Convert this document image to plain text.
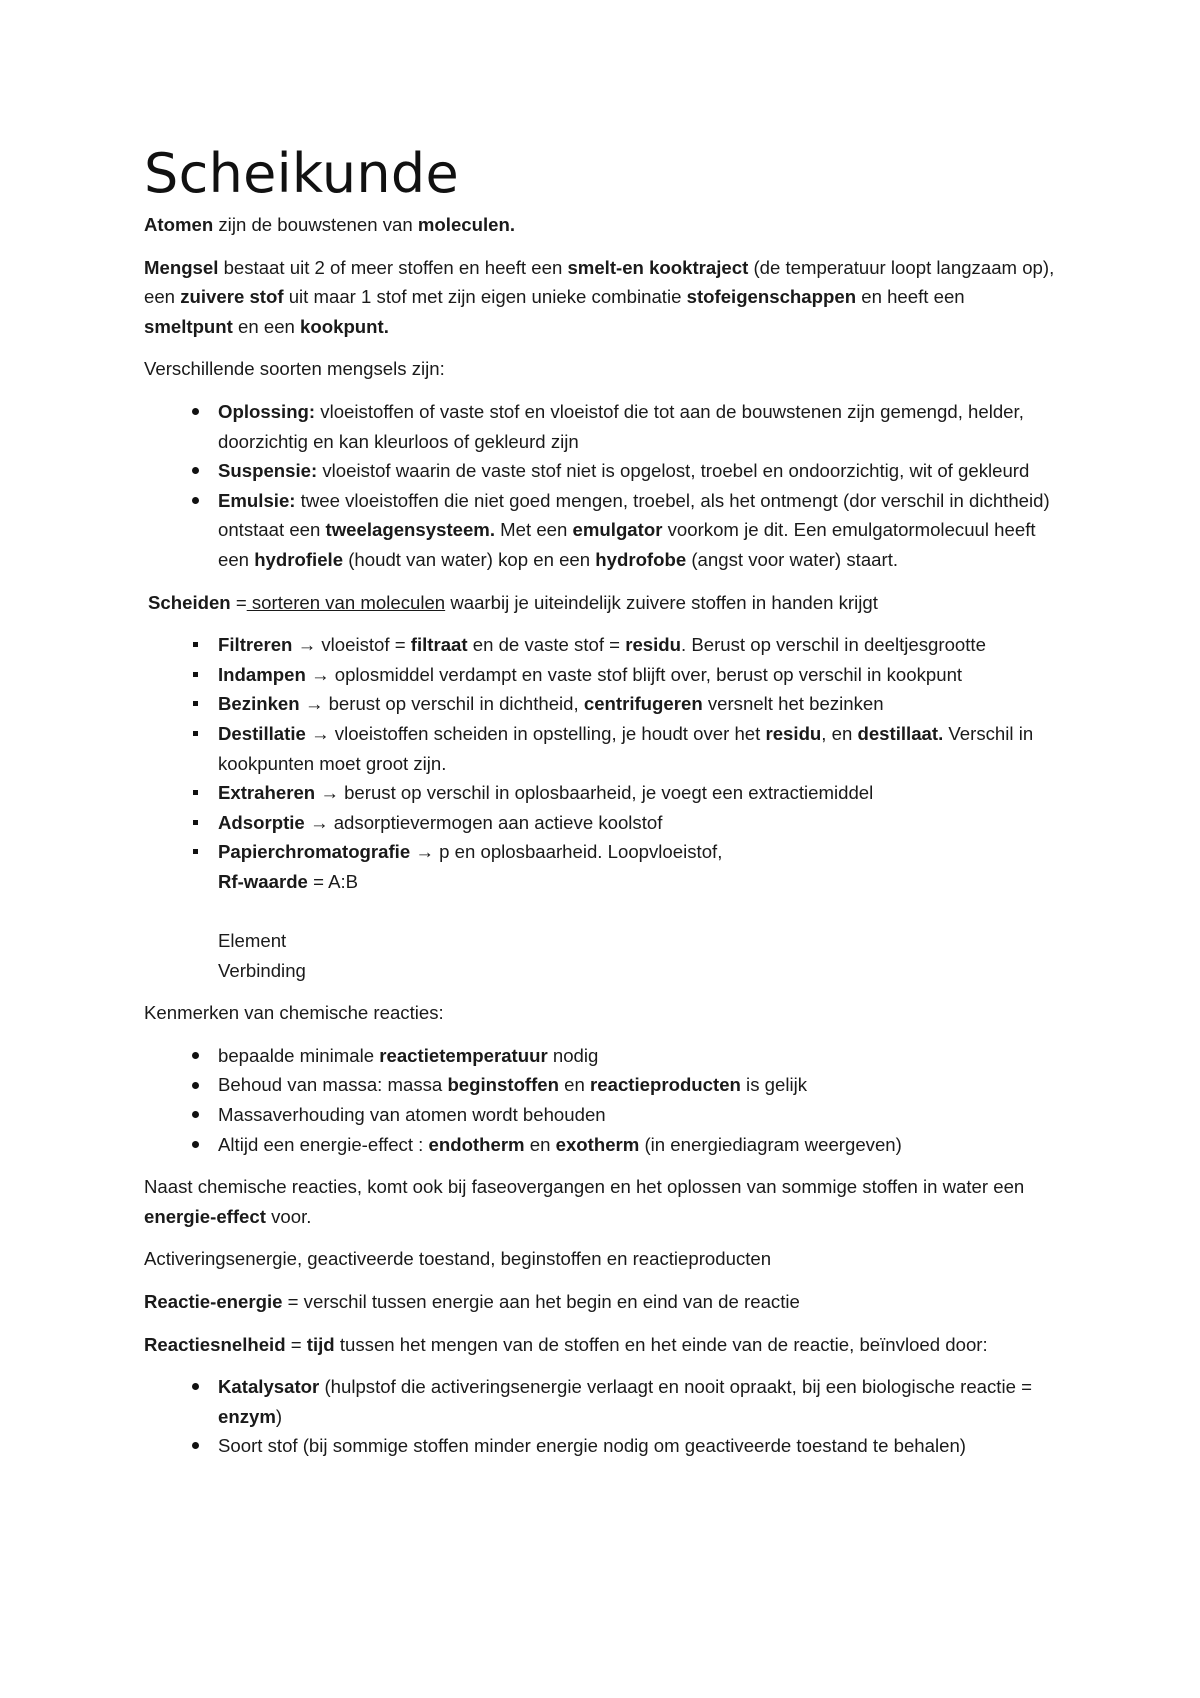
Scheikunde

Atomen zijn de bouwstenen van moleculen.

Mengsel bestaat uit 2 of meer stoffen en heeft een smelt-en kooktraject (de temperatuur loopt langzaam op), een zuivere stof uit maar 1 stof met zijn eigen unieke combinatie stofeigenschappen en heeft een smeltpunt en een kookpunt.

Verschillende soorten mengsels zijn:

Oplossing: vloeistoffen of vaste stof en vloeistof die tot aan de bouwstenen zijn gemengd, helder, doorzichtig en kan kleurloos of gekleurd zijn
Suspensie: vloeistof waarin de vaste stof niet is opgelost, troebel en ondoorzichtig, wit of gekleurd
Emulsie: twee vloeistoffen die niet goed mengen, troebel, als het ontmengt (dor verschil in dichtheid) ontstaat een tweelagensysteem. Met een emulgator voorkom je dit. Een emulgatormolecuul heeft een hydrofiele (houdt van water) kop en een hydrofobe (angst voor water) staart.

Scheiden = sorteren van moleculen waarbij je uiteindelijk zuivere stoffen in handen krijgt

Filtreren → vloeistof = filtraat en de vaste stof = residu. Berust op verschil in deeltjesgrootte
Indampen → oplosmiddel verdampt en vaste stof blijft over, berust op verschil in kookpunt
Bezinken → berust op verschil in dichtheid, centrifugeren versnelt het bezinken
Destillatie → vloeistoffen scheiden in opstelling, je houdt over het residu, en destillaat. Verschil in kookpunten moet groot zijn.
Extraheren → berust op verschil in oplosbaarheid, je voegt een extractiemiddel
Adsorptie → adsorptievermogen aan actieve koolstof
Papierchromatografie → p en oplosbaarheid. Loopvloeistof,
Rf-waarde = A:B

Element

Verbinding

Kenmerken van chemische reacties:

bepaalde minimale reactietemperatuur nodig
Behoud van massa: massa beginstoffen en reactieproducten is gelijk
Massaverhouding van atomen wordt behouden
Altijd een energie-effect : endotherm en exotherm (in energiediagram weergeven)

Naast chemische reacties, komt ook bij faseovergangen en het oplossen van sommige stoffen in water een energie-effect voor.

Activeringsenergie, geactiveerde toestand, beginstoffen en reactieproducten

Reactie-energie = verschil tussen energie aan het begin en eind van de reactie

Reactiesnelheid = tijd tussen het mengen van de stoffen en het einde van de reactie, beïnvloed door:

Katalysator (hulpstof die activeringsenergie verlaagt en nooit opraakt, bij een biologische reactie = enzym)
Soort stof (bij sommige stoffen minder energie nodig om geactiveerde toestand te behalen)
